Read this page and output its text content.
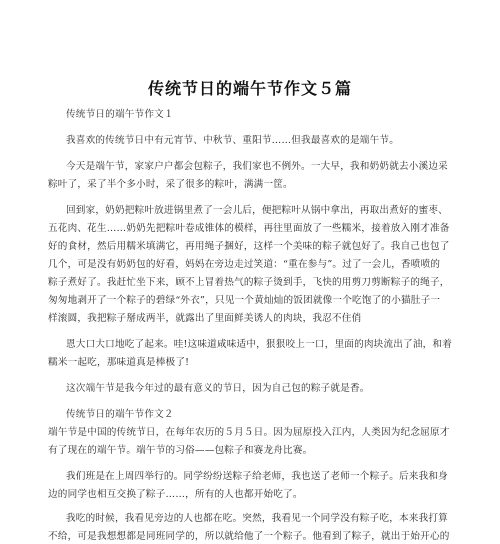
传统节日的端午节作文５篇
传统节日的端午节作文１
我喜欢的传统节日中有元宵节、中秋节、重阳节……但我最喜欢的是端午节。
今天是端午节，家家户户都会包粽子，我们家也不例外。一大早，我和奶奶就去小溪边采
粽叶了，采了半个多小时，采了很多的粽叶，满满一筐。
回到家，奶奶把粽叶放进锅里煮了一会儿后，便把粽叶从锅中拿出，再取出煮好的蜜枣、
五花肉、花生……奶奶先把粽叶卷成锥体的模样，再往里面放了一些糯米，接着放入刚才准备
好的食材，然后用糯米填满它，再用绳子捆好，这样一个美味的粽子就包好了。我自己也包了
几个，可是没有奶奶包的好看，妈妈在旁边走过笑道：“重在参与”。过了一会儿，香喷喷的
粽子煮好了。我赶忙坐下来，顾不上冒着热气的粽子烫到手，飞快的用剪刀剪断粽子的绳子，
匆匆地剥开了一个粽子的碧绿“外衣”，只见一个黄灿灿的饭团就像一个吃饱了的小猫肚子一
样滚圆，我把粽子掰成两半，就露出了里面鲜美诱人的肉块，我忍不住俏
恩大口大口地吃了起来。哇!这味道咸味适中，狠狠咬上一口，里面的肉块流出了油，和着
糯米一起吃，那味道真是棒极了!
这次端午节是我今年过的最有意义的节日，因为自己包的粽子就是香。
传统节日的端午节作文２
端午节是中国的传统节日，在每年农历的５月５日。因为屈原投入江内，人类因为纪念屈原才
有了现在的端午节。端午节的习俗——包粽子和赛龙舟比赛。
我们班是在上周四举行的。同学纷纷送粽子给老师，我也送了老师一个粽子。后来我和身
边的同学也相互交换了粽子……，所有的人也都开始吃了。
我吃的时候，我看见旁边的人也都在吃。突然，我看见一个同学没有粽子吃，本来我打算
不给，可是我想想都是同班同学的，所以就给他了一个粽子。他看到了粽子，就出于始开心的
